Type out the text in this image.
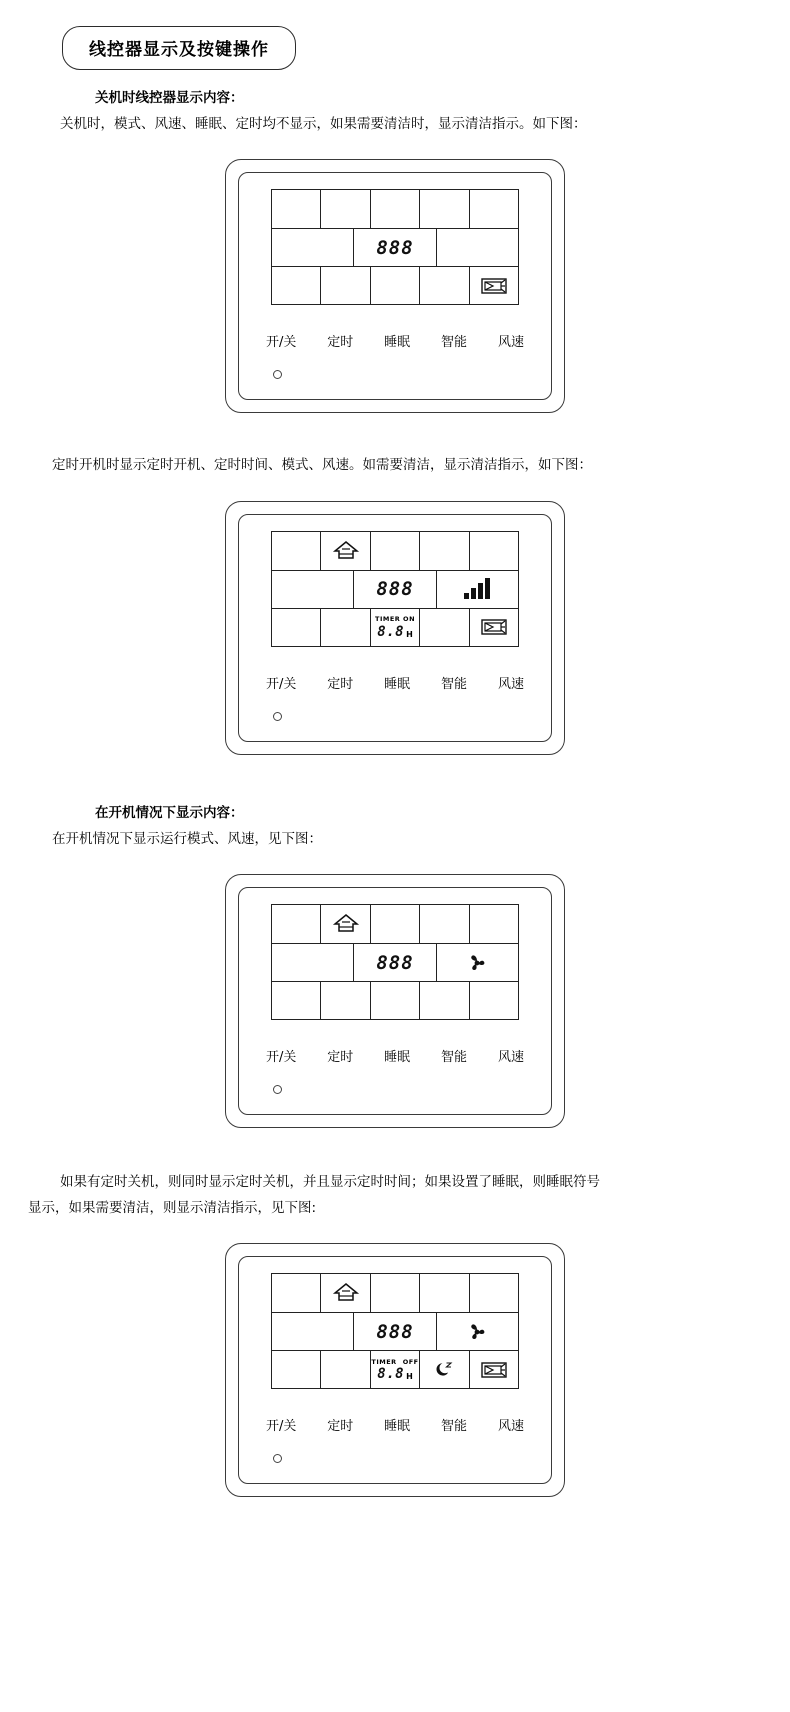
线控器显示及按键操作
关机时线控器显示内容：
关机时，模式、风速、睡眠、定时均不显示，如果需要清洁时，显示清洁指示。如下图：
888
开/关 定时 睡眠 智能 风速
定时开机时显示定时开机、定时时间、模式、风速。如需要清洁，显示清洁指示，如下图：
888
TIMER ON
8.8 H
开/关 定时 睡眠 智能 风速
在开机情况下显示内容：
在开机情况下显示运行模式、风速，见下图：
888
开/关 定时 睡眠 智能 风速
如果有定时关机，则同时显示定时关机，并且显示定时时间；如果设置了睡眠，则睡眠符号
显示，如果需要清洁，则显示清洁指示，见下图:
888
TIMER OFF
8.8 H
开/关 定时 睡眠 智能 风速
